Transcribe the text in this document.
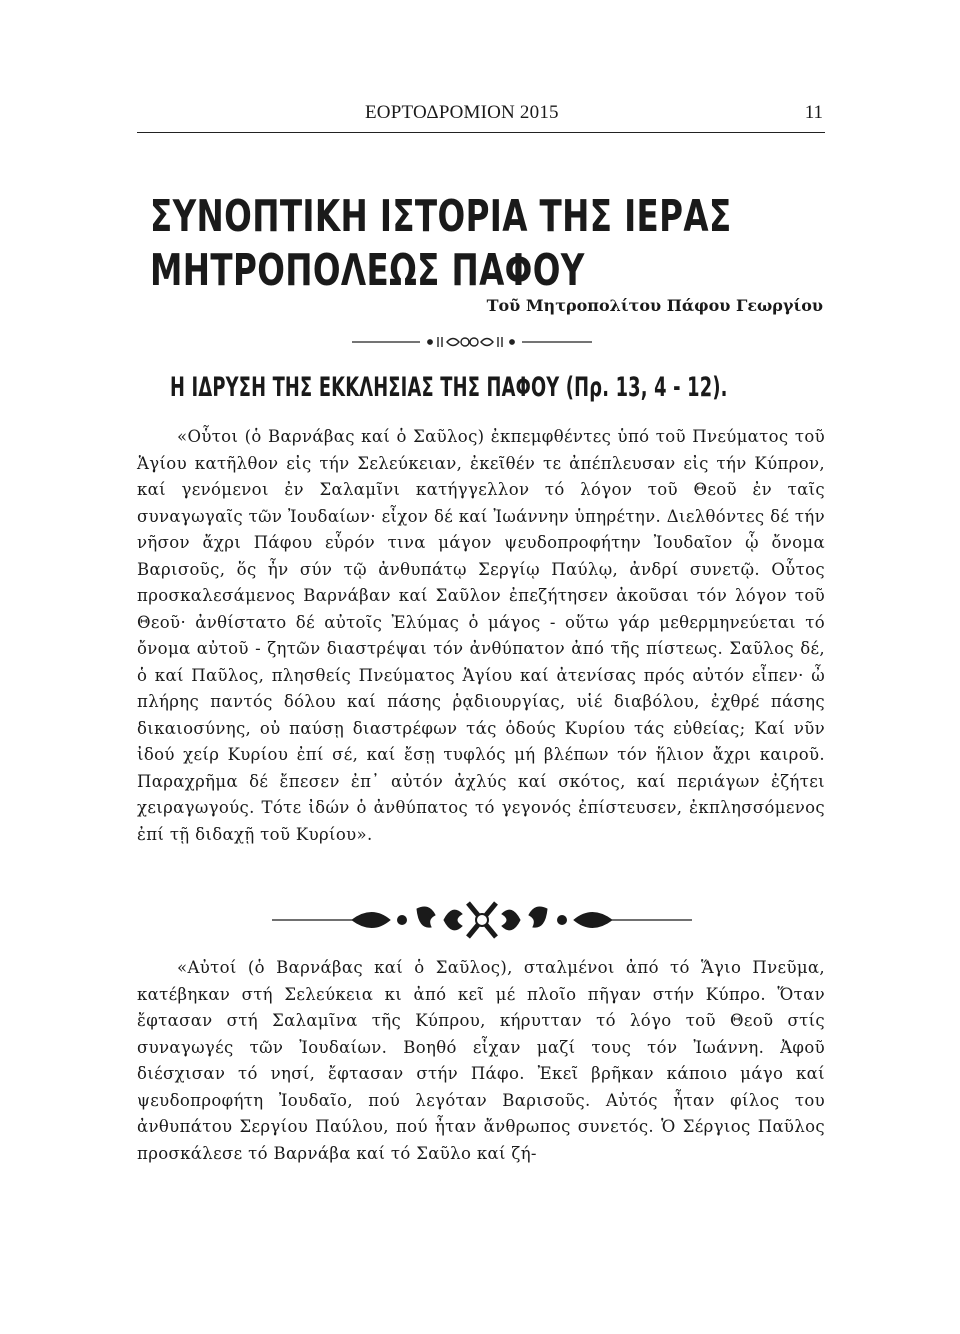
ΕΟΡΤΟΔΡΟΜΙΟΝ 2015	11
ΣΥΝΟΠΤΙΚΗ ΙΣΤΟΡΙΑ ΤΗΣ ΙΕΡΑΣ
ΜΗΤΡΟΠΟΛΕΩΣ ΠΑΦΟΥ
Τοῦ Μητροπολίτου Πάφου Γεωργίου
Η ΙΔΡΥΣΗ ΤΗΣ ΕΚΚΛΗΣΙΑΣ ΤΗΣ ΠΑΦΟΥ (Πρ. 13, 4 - 12).
«Οὗτοι (ὁ Βαρνάβας καί ὁ Σαῦλος) ἐκπεμφθέντες ὑπό τοῦ Πνεύματος τοῦ Ἁγίου κατῆλθον εἰς τήν Σελεύκειαν, ἐκεῖθέν τε ἀπέπλευσαν εἰς τήν Κύπρον, καί γενόμενοι ἐν Σαλαμῖνι κατήγγελλον τό λόγον τοῦ Θεοῦ ἐν ταῖς συναγωγαῖς τῶν Ἰουδαίων· εἶχον δέ καί Ἰωάννην ὑπηρέτην. Διελθόντες δέ τήν νῆσον ἄχρι Πάφου εὗρόν τινα μάγον ψευδοπροφήτην Ἰουδαῖον ᾧ ὄνομα Βαρισοῦς, ὅς ἦν σύν τῷ ἀνθυπάτῳ Σεργίῳ Παύλῳ, ἀνδρί συνετῷ. Οὗτος προσκαλεσάμενος Βαρνάβαν καί Σαῦλον ἐπεζήτησεν ἀκοῦσαι τόν λόγον τοῦ Θεοῦ· ἀνθίστατο δέ αὐτοῖς Ἐλύμας ὁ μάγος - οὕτω γάρ μεθερμηνεύεται τό ὄνομα αὐτοῦ - ζητῶν διαστρέψαι τόν ἀνθύπατον ἀπό τῆς πίστεως. Σαῦλος δέ, ὁ καί Παῦλος, πλησθείς Πνεύματος Ἁγίου καί ἀτενίσας πρός αὐτόν εἶπεν· ὦ πλήρης παντός δόλου καί πάσης ῥᾳδιουργίας, υἱέ διαβόλου, ἐχθρέ πάσης δικαιοσύνης, οὐ παύσῃ διαστρέφων τάς ὁδούς Κυρίου τάς εὐθείας; Καί νῦν ἰδού χείρ Κυρίου ἐπί σέ, καί ἔσῃ τυφλός μή βλέπων τόν ἥλιον ἄχρι καιροῦ. Παραχρῆμα δέ ἔπεσεν ἐπ᾽ αὐτόν ἀχλύς καί σκότος, καί περιάγων ἐζήτει χειραγωγούς. Τότε ἰδών ὁ ἀνθύπατος τό γεγονός ἐπίστευσεν, ἐκπλησσόμενος ἐπί τῇ διδαχῇ τοῦ Κυρίου».
«Αὐτοί (ὁ Βαρνάβας καί ὁ Σαῦλος), σταλμένοι ἀπό τό Ἅγιο Πνεῦμα, κατέβηκαν στή Σελεύκεια κι ἀπό κεῖ μέ πλοῖο πῆγαν στήν Κύπρο. Ὅταν ἔφτασαν στή Σαλαμῖνα τῆς Κύπρου, κήρυτταν τό λόγο τοῦ Θεοῦ στίς συναγωγές τῶν Ἰουδαίων. Βοηθό εἶχαν μαζί τους τόν Ἰωάννη. Ἀφοῦ διέσχισαν τό νησί, ἔφτασαν στήν Πάφο. Ἐκεῖ βρῆκαν κάποιο μάγο καί ψευδοπροφήτη Ἰουδαῖο, πού λεγόταν Βαρισοῦς. Αὐτός ἦταν φίλος του ἀνθυπάτου Σεργίου Παύλου, πού ἦταν ἄνθρωπος συνετός. Ὁ Σέργιος Παῦλος προσκάλεσε τό Βαρνάβα καί τό Σαῦλο καί ζή-
